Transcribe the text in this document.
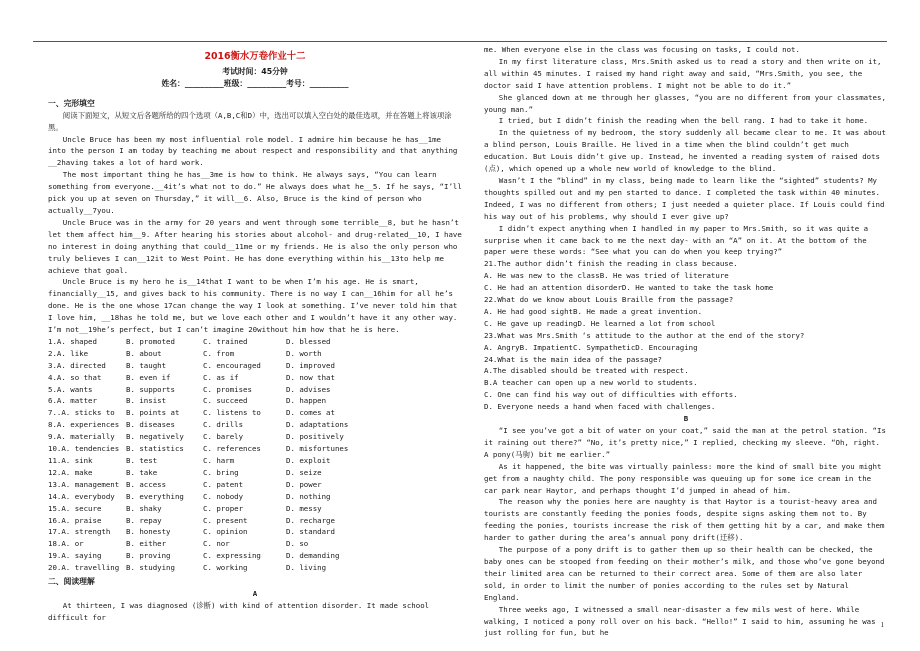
2016衡水万卷作业十二

考试时间：45分钟

姓名：__________班级：__________考号：__________

一、完形填空

阅读下面短文，从短文后各题所给的四个选项（A,B,C和D）中，选出可以填入空白处的最佳选项，并在答题上将该项涂黑。

Uncle Bruce has been my most influential role model. I admire him because he has__1me into the person I am today by teaching me about respect and responsibility and that anything __2having takes a lot of hard work.

The most important thing he has__3me is how to think. He always says, “You can learn something from everyone.__4it’s what not to do.” He always does what he__5. If he says, “I’ll pick you up at seven on Thursday,” it will__6. Also, Bruce is the kind of person who actually__7you.

Uncle Bruce was in the army for 20 years and went through some terrible__8, but he hasn’t let them affect him__9. After hearing his stories about alcohol- and drug-related__10, I have no interest in doing anything that could__11me or my friends. He is also the only person who truly believes I can__12it to West Point. He has done everything within his__13to help me achieve that goal.

Uncle Bruce is my hero he is__14that I want to be when I’m his age. He is smart, financially__15, and gives back to his community. There is no way I can__16him for all he’s done. He is the one whose 17can change the way I look at something. I’ve never told him that I love him, __18has he told me, but we love each other and I wouldn’t have it any other way. I’m not__19he’s perfect, but I can’t imagine 20without him how that he is here.

1.A. shaped	B. promoted	C. trained	D. blessed
2.A. like	B. about	C. from	D. worth
3.A. directed	B. taught	C. encouraged	D. improved
4.A. so that	B. even if	C. as if	D. now that
5.A. wants	B. supports	C. promises	D. advises
6.A. matter	B. insist	C. succeed	D. happen
7..A. sticks to	B. points at	C. listens to	D. comes at
8.A. experiences B. diseases	C. drills	D. adaptations
9.A. materially	B. negatively	C. barely	D. positively
10.A. tendencies B. statistics	C. references	D. misfortunes
11.A. sink	B. test	C. harm	D. exploit
12.A. make	B. take	C. bring	D. seize
13.A. management B. access	C. patent	D. power
14.A. everybody	B. everything	C. nobody	D. nothing
15.A. secure	B. shaky	C. proper	D. messy
16.A. praise	B. repay	C. present	D. recharge
17.A. strength	B. honesty	C. opinion	D. standard
18.A. or	B. either	C. nor	D. so
19.A. saying	B. proving	C. expressing	D. demanding
20.A. travelling B. studying	C. working	D. living

二、阅读理解

A

At thirteen, I was diagnosed (诊断) with kind of attention disorder. It made school difficult for

me. When everyone else in the class was focusing on tasks, I could not.

In my first literature class, Mrs.Smith asked us to read a story and then write on it, all within 45 minutes. I raised my hand right away and said, “Mrs.Smith, you see, the doctor said I have attention problems. I might not be able to do it.”

She glanced down at me through her glasses, “you are no different from your classmates, young man.”

I tried, but I didn’t finish the reading when the bell rang. I had to take it home.

In the quietness of my bedroom, the story suddenly all became clear to me. It was about a blind person, Louis Braille. He lived in a time when the blind couldn’t get much education. But Louis didn’t give up. Instead, he invented a reading system of raised dots (点), which opened up a whole new world of knowledge to the blind.

Wasn’t I the “blind” in my class, being made to learn like the “sighted” students? My thoughts spilled out and my pen started to dance. I completed the task within 40 minutes. Indeed, I was no different from others; I just needed a quieter place. If Louis could find his way out of his problems, why should I ever give up?

I didn’t expect anything when I handled in my paper to Mrs.Smith, so it was quite a surprise when it came back to me the next day- with an “A” on it. At the bottom of the paper were these words: “See what you can do when you keep trying?”

21.The author didn’t finish the reading in class because.

A. He was new to the classB. He was tried of literature

C. He had an attention disorderD. He wanted to take the task home

22.What do we know about Louis Braille from the passage?

A. He had good sightB. He made a great invention.

C. He gave up readingD. He learned a lot from school

23.What was Mrs.Smith ‘s attitude to the author at the end of the story?

A. AngryB. ImpatientC. SympatheticD. Encouraging

24.What is the main idea of the passage?

A.The disabled should be treated with respect.

B.A teacher can open up a new world to students.

C. One can find his way out of difficulties with efforts.

D. Everyone needs a hand when faced with challenges.

B

“I see you’ve got a bit of water on your coat,” said the man at the petrol station. “Is it raining out there?” “No, it’s pretty nice,” I replied, checking my sleeve. “Oh, right. A pony(马驹) bit me earlier.”

As it happened, the bite was virtually painless: more the kind of small bite you might get from a naughty child. The pony responsible was queuing up for some ice cream in the car park near Haytor, and perhaps thought I’d jumped in ahead of him.

The reason why the ponies here are naughty is that Haytor is a tourist-heavy area and tourists are constantly feeding the ponies foods, despite signs asking them not to. By feeding the ponies, tourists increase the risk of them getting hit by a car, and make them harder to gather during the area’s annual pony drift(迁移).

The purpose of a pony drift is to gather them up so their health can be checked, the baby ones can be stooped from feeding on their mother’s milk, and those who’ve gone beyond their limited area can be returned to their correct area. Some of them are also later sold, in order to limit the number of ponies according to the rules set by Natural England.

Three weeks ago, I witnessed a small near-disaster a few mils west of here. While walking, I noticed a pony roll over on his back. “Hello!” I said to him, assuming he was just rolling for fun, but he

1
